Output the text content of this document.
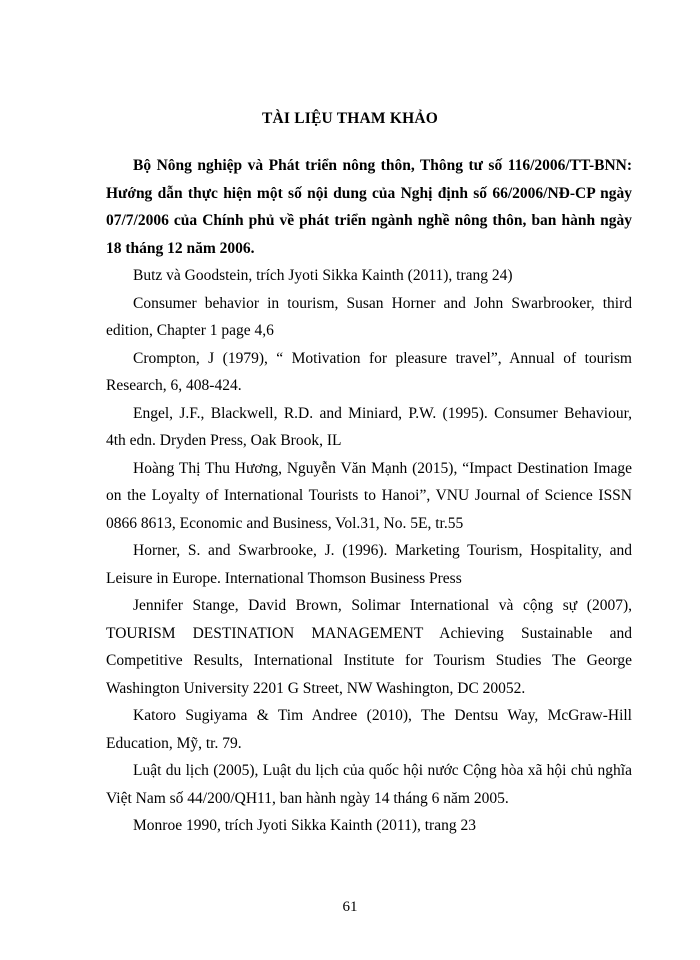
TÀI LIỆU THAM KHẢO

Bộ Nông nghiệp và Phát triển nông thôn, Thông tư số 116/2006/TT-BNN: Hướng dẫn thực hiện một số nội dung của Nghị định số 66/2006/NĐ-CP ngày 07/7/2006 của Chính phủ về phát triển ngành nghề nông thôn, ban hành ngày 18 tháng 12 năm 2006.

Butz và Goodstein, trích Jyoti Sikka Kainth (2011), trang 24)

Consumer behavior in tourism, Susan Horner and John Swarbrooker, third edition, Chapter 1 page 4,6

Crompton, J (1979), “ Motivation for pleasure travel”, Annual of tourism Research, 6, 408-424.

Engel, J.F., Blackwell, R.D. and Miniard, P.W. (1995). Consumer Behaviour, 4th edn. Dryden Press, Oak Brook, IL

Hoàng Thị Thu Hương, Nguyễn Văn Mạnh (2015), “Impact Destination Image on the Loyalty of International Tourists to Hanoi”, VNU Journal of Science ISSN 0866 8613, Economic and Business, Vol.31, No. 5E, tr.55

Horner, S. and Swarbrooke, J. (1996). Marketing Tourism, Hospitality, and Leisure in Europe. International Thomson Business Press

Jennifer Stange, David Brown, Solimar International và cộng sự (2007), TOURISM DESTINATION MANAGEMENT Achieving Sustainable and Competitive Results, International Institute for Tourism Studies The George Washington University 2201 G Street, NW Washington, DC 20052.

Katoro Sugiyama & Tim Andree (2010), The Dentsu Way, McGraw-Hill Education, Mỹ, tr. 79.

Luật du lịch (2005), Luật du lịch của quốc hội nước Cộng hòa xã hội chủ nghĩa Việt Nam số 44/200/QH11, ban hành ngày 14 tháng 6 năm 2005.

Monroe 1990, trích Jyoti Sikka Kainth (2011), trang 23

61
